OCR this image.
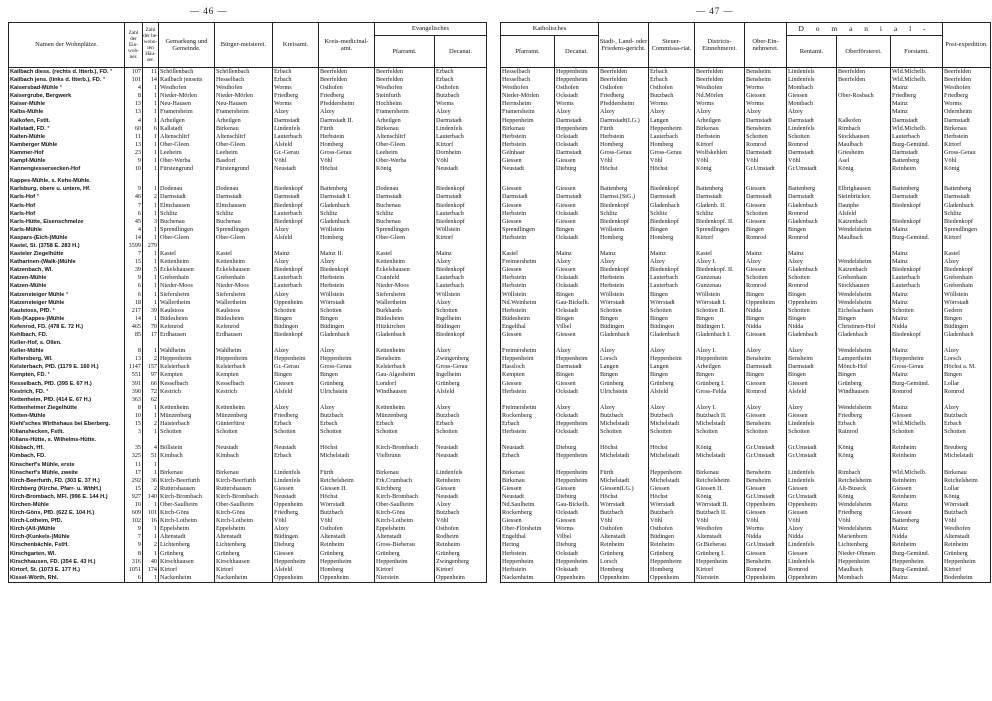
— 46 —
Namen der Wohnplätze.	Zahl der Ein-woh-ner.	Zahl der be-wohn-ten Häu-ser.	Gemarkung und Gemeinde.	Bürger-meisterei.	Kreisamt.	Kreis-medicinal-amt.	Evangelisches	
							Pfarramt.	Decanat.
Kailbach diess. (rechts d. Itterb.), FD. *	107	11	Schöllenbach	Schöllenbach	Erbach	Beerfelden	Beerfelden	Erbach
Kailbach jens. (links d. Itterb.), FD. *	101	14	Kailbach jenseits	Hesselbach	Erbach	Beerfelden	Beerfelden	Erbach
Kaisersbad-Mühle *	4	1	Westhofen	Westhofen	Worms	Osthofen	Westhofen	Osthofen
Kaisergrube, Bergwerk	8	1	Nieder-Mörlen	Nieder-Mörlen	Friedberg	Friedberg	Steinfurth	Butzbach
Kaiser-Mühle	13	1	Neu-Hausen	Neu-Hausen	Worms	Pfeddersheim	Hochheim	Worms
Kalbs-Mühle	13	1	Framersheim	Framersheim	Alzey	Alzey	Framersheim	Alzey
Kalkofen, Fstlt.	4	1	Arheilgen	Arheilgen	Darmstadt	Darmstadt II.	Arheilgen	Darmstadt
Kallstadt, FD. *	60	6	Kallstadt	Birkenau	Lindenfels	Fürth	Birkenau	Lindenfels
Kalten-Mühle	11	1	Altenschlirf	Altenschlirf	Lauterbach	Herbstein	Altenschlirf	Lauterbach
Kamberger Mühle	13	1	Ober-Gleen	Ober-Gleen	Alsfeld	Homberg	Ober-Gleen	Kirtorf
Kammer-Hof	23	1	Leeheim	Leeheim	Gr.-Gerau	Gross-Gerau	Leeheim	Dornheim
Kampf-Mühle	9	1	Ober-Werba	Basdorf	Vöhl	Vöhl	Ober-Werba	Vöhl
Kannengiessersecken-Hof	10	1	Fürstengrund	Fürstengrund	Neustadt	Höchst	König	Neustadt

Kappes-Mühle, s. Kehs-Mühle.								
Karlsburg, obere u. untere, Hf.	9	1	Dodenau	Dodenau	Biedenkopf	Battenberg	Dodenau	Biedenkopf
Karls-Hof *	46	2	Darmstadt	Darmstadt	Darmstadt	Darmstadt I.	Darmstadt	Darmstadt
Karls-Hof	7	1	Elmshausen	Elmshausen	Biedenkopf	Gladenbach	Buchenau	Biedenkopf
Karls-Hof	6	1	Schlitz	Schlitz	Lauterbach	Schlitz	Schlitz	Lauterbach
Karls-Hütte, Eisenschmelze	45	3	Buchenau	Buchenau	Biedenkopf	Gladenbach	Buchenau	Biedenkopf
Karls-Mühle	4	1	Sprendlingen	Sprendlingen	Alzey	Wöllstein	Sprendlingen	Wöllstein
Kaspars-(Eich-)Mühle	14	1	Ober-Gleen	Ober-Gleen	Alsfeld	Homberg	Ober-Gleen	Kirtorf
Kastel, St. (3758 E. 283 H.)	3599	279						
Kasteler Ziegelhütte	7	1	Kastel	Kastel	Mainz	Mainz II.	Kastel	Mainz
Katharinen-(Walk-)Mühle	15	1	Kettenheim	Kettenheim	Alzey	Alzey	Kettenheim	Alzey
Katzenbach, Wl.	39	5	Eckelshausen	Eckelshausen	Biedenkopf	Biedenkopf	Eckelshausen	Biedenkopf
Katzen-Mühle	9	1	Grebenhain	Grebenhain	Lauterbach	Herbstein	Crainfeld	Lauterbach
Katzen-Mühle	6	1	Nieder-Moos	Nieder-Moos	Lauterbach	Herbstein	Nieder-Moos	Lauterbach
Katzensteiger Mühle *	6	1	Siefersheim	Siefersheim	Alzey	Wöllstein	Siefersheim	Wöllstein
Katzensteiger Mühle	18	1	Wallertheim	Wallertheim	Oppenheim	Wörrstadt	Wallertheim	Alzey
Kaulstoss, PfD. *	217	39	Kaulstoss	Kaulstoss	Schotten	Schotten	Burkhards	Schotten
Keb-(Kappes-)Mühle	14	1	Büdesheim	Büdesheim	Bingen	Bingen	Büdesheim	Ingelheim
Kefenrod, FD. (478 E. 72 H.)	465	70	Kefenrod	Kefenrod	Büdingen	Büdingen	Hitzkirchen	Büdingen
Kehlbach, FD.	85	17	Erdhausen	Erdhausen	Biedenkopf	Gladenbach	Gladenbach	Biedenkopf
Keller-Hof, s. Ollen.								
Keller-Mühle	8	1	Wahlheim	Wahlheim	Alzey	Alzey	Kettenheim	Alzey
Keltersberg, Wl.	13	2	Heppenheim	Heppenheim	Heppenheim	Heppenheim	Bensheim	Zwingenberg
Kelsterbach, PfD. (1179 E. 160 H.)	1147	157	Kelsterbach	Kelsterbach	Gr.-Gerau	Gross-Gerau	Kelsterbach	Gross-Gerau
Kempten, FD. *	551	97	Kempten	Kempten	Bingen	Bingen	Gau-Algesheim	Ingelheim
Kesselbach, PfD. (395 E. 67 H.)	391	66	Kesselbach	Kesselbach	Giessen	Grünberg	Londorf	Grünberg
Kestrich, FD. *	390	72	Kestrich	Kestrich	Alsfeld	Ulrichstein	Windhausen	Alsfeld
Kettenheim, PfD. (414 E. 67 H.)	363	62						
Kettenheimer Ziegelhütte	8	1	Kettenheim	Kettenheim	Alzey	Alzey	Kettenheim	Alzey
Ketten-Mühle	10	1	Münzenberg	Münzenberg	Friedberg	Butzbach	Münzenberg	Butzbach
Kiehl'sches Wirthshaus bei Eberberg.	15	2	Haisterbach	Günterfürst	Erbach	Erbach	Erbach	Erbach
Kilianshecken, Fstlt.	3	1	Schotten	Schotten	Schotten	Schotten	Schotten	Schotten
Kilians-Hütte, s. Wilhelms-Hütte.								
Kilsbach, Hf.	35	4	Böllstein	Neustadt	Neustadt	Höchst	Kirch-Brombach	Neustadt
Kimbach, FD.	325	51	Kimbach	Kimbach	Erbach	Michelstadt	Vielbrunn	Neustadt
Kinscherf's Mühle, erste	11	1						
Kinscherf's Mühle, zweite	17	1	Birkenau	Birkenau	Lindenfels	Fürth	Birkenau	Lindenfels
Kirch-Beerfurth, FD. (303 E. 37 H.)	292	36	Kirch-Beerfurth	Kirch-Beerfurth	Lindenfels	Reichelsheim	Frk.Crumbach	Reinheim
Kirchberg (Kirche, Pfarr- u. WthH.)	15	2	Ruttershausen	Ruttershausen	Giessen	Giessen II.	Kirchberg	Giessen
Kirch-Brombach, MFl. (996 E. 144 H.)	927	140	Kirch-Brombach	Kirch-Brombach	Neustadt	Höchst	Kirch-Brombach	Neustadt
Kirchen-Mühle	10	1	Ober-Saulheim	Ober-Saulheim	Oppenheim	Wörrstadt	Ober-Saulheim	Alzey
Kirch-Göns, PfD. (622 E. 104 H.)	609	101	Kirch-Göns	Kirch-Göns	Friedberg	Butzbach	Kirch-Göns	Butzbach
Kirch-Lotheim, PfD.	102	16	Kirch-Lotheim	Kirch-Lotheim	Vöhl	Vöhl	Kirch-Lotheim	Vöhl
Kirch-(Alt-)Mühle	9	1	Eppelsheim	Eppelsheim	Alzey	Osthofen	Eppelsheim	Osthofen
Kirch-(Kunkels-)Mühle	7	1	Altenstadt	Altenstadt	Büdingen	Altenstadt	Altenstadt	Rodheim
Kirschenbächle, FstH.	9	2	Lichtenberg	Lichtenberg	Dieburg	Reinheim	Gross-Bieberau	Reinheim
Kirschgarten, Wl.	8	1	Grünberg	Grünberg	Giessen	Grünberg	Grünberg	Grünberg
Kirschhausen, FD. (354 E. 43 H.)	316	40	Kirschhausen	Kirschhausen	Heppenheim	Heppenheim	Heppenheim	Zwingenberg
Kirtorf, St. (1073 E. 177 H.)	1051	174	Kirtorf	Kirtorf	Alsfeld	Homberg	Kirtorf	Kirtorf
Kissel-Wörth, Rhl.	6	1	Nackenheim	Nackenheim	Oppenheim	Oppenheim	Nierstein	Oppenheim
— 47 —
Katholisches		Stadt-, Land- oder Friedens-gericht.	Steuer-Commissa-riat.	Districts-Einnehmerei.	Ober-Ein-nehmerei.	D o m a n i a l -			Post-expedition.
Pfarramt.	Decanat.					Rentamt.	Oberförsterei.	Forstamt.	
Hesselbach	Heppenheim	Beerfelden	Erbach	Beerfelden	Bensheim	Lindenfels	Beerfelden	Wld.Michelb.	Beerfelden
Hesselbach	Heppenheim	Beerfelden	Erbach	Beerfelden	Bensheim	Lindenfels	Beerfelden	Wld.Michelb.	Beerfelden
Westhofen	Osthofen	Osthofen	Osthofen	Westhofen	Worms	Mombach		Mainz	Westhofen
Nieder-Mörlen	Ockstadt	Friedberg	Butzbach	Nd.Mörlen	Giessen	Giessen	Ober-Rosbach	Friedberg	Friedberg
Herrnsheim	Worms	Pfeddersheim	Worms	Worms	Worms	Mombach		Mainz	Worms
Framersheim	Alzey	Alzey	Alzey	Alzey	Alzey	Alzey		Mainz	Odernheim
Heppenheim	Darmstadt	Darmstadt(LG.)	Langen	Arheilgen	Darmstadt	Darmstadt	Kalkofen	Darmstadt	Darmstadt
Birkenau	Heppenheim	Fürth	Heppenheim	Birkenau	Bensheim	Lindenfels	Rimbach	Wld.Michelb.	Birkenau
Herbstein	Ockstadt	Herbstein	Lauterbach	Herbstein	Schotten	Schotten	Stockhausen	Lauterbach	Herbstein
Herbstein	Ockstadt	Homberg	Homberg	Kirtorf	Romrod	Romrod	Maulbach	Burg-Gemünd.	Kirtorf
Gelnhaar	Darmstadt	Gross-Gerau	Gross-Gerau	Wolfskehlen	Darmstadt	Darmstadt	Griesheim	Darmstadt	Gross-Gerau
Giessen	Giessen	Vöhl	Vöhl	Vöhl	Vöhl	Vöhl	Asel	Battenberg	Vöhl
Neustadt	Dieburg	Höchst	Höchst	König	Gr.Umstadt	Gr.Umstadt	König	Reinheim	König

Giessen	Giessen	Battenberg	Biedenkopf	Battenberg	Giessen	Battenberg	Elbrighausen	Battenberg	Battenberg
Darmstadt	Darmstadt	Darmst.(StG.)	Darmstadt	Darmstadt	Darmstadt	Darmstadt	Steinbrücker.	Darmstadt	Darmstadt
Giessen	Giessen	Biedenkopf	Gladenbach	Gladenb. II.	Giessen	Gladenbach	Dautphe	Biedenkopf	Gladenbach
Herbstein	Ockstadt	Schlitz	Schlitz	Schlitz	Schotten	Romrod	Alsfeld		Schlitz
Giessen	Giessen	Biedenkopf	Biedenkopf	Biedenkopf. II.	Giessen	Gladenbach	Katzenbach	Biedenkopf	Biedenkopf
Sprendlingen	Bingen	Wöllstein	Bingen	Sprendlingen	Bingen	Bingen	Wendelsheim	Mainz	Sprendlingen
Herbstein	Ockstadt	Homberg	Homberg	Kirtorf	Romrod	Romrod	Maulbach	Burg-Gemünd.	Kirtorf

Kastel	Mainz	Mainz	Mainz	Kastel	Mainz	Mainz		Mainz	Kastel
Freimersheim	Alzey	Alzey	Alzey	Alzey I.	Alzey	Alzey	Wendelsheim	Mainz	Alzey
Giessen	Giessen	Biedenkopf	Biedenkopf	Biedenkopf. II.	Giessen	Gladenbach	Katzenbach	Biedenkopf	Biedenkopf
Herbstein	Ockstadt	Herbstein	Lauterbach	Gunzenau	Schotten	Schotten	Grebenhain	Lauterbach	Grebenhain
Herbstein	Ockstadt	Herbstein	Lauterbach	Gunzenau	Romrod	Romrod	Stockhausen	Lauterbach	Grebenhain
Wöllstein	Bingen	Wöllstein	Bingen	Wöllstein	Bingen	Bingen	Wendelsheim	Mainz	Wöllstein
Nd.Weinheim	Gau-Bickelh.	Wörrstadt	Wörrstadt	Wörrstadt I.	Oppenheim	Oppenheim	Wendelsheim	Mainz	Wörrstadt
Herbstein	Ockstadt	Schotten	Schotten	Schotten II.	Nidda	Schotten	Eichelsachsen	Schotten	Gedern
Büdesheim	Bingen	Bingen	Bingen	Bingen	Bingen	Bingen	Bingen	Mainz	Bingen
Engelthal	Vilbel	Büdingen	Büdingen	Büdingen I.	Nidda	Nidda	Christinen-Hof	Nidda	Büdingen
Giessen	Giessen	Gladenbach	Gladenbach	Gladenbach I.	Giessen	Gladenbach	Gladenbach	Biedenkopf	Gladenbach

Freimersheim	Alzey	Alzey	Alzey	Alzey I.	Alzey	Alzey	Wendelsheim	Mainz	Alzey
Heppenheim	Heppenheim	Lorsch	Heppenheim	Heppenheim	Bensheim	Bensheim	Lampertheim	Heppenheim	Lorsch
Hassloch	Darmstadt	Langen	Langen	Arheilgen	Darmstadt	Darmstadt	Mönch-Hof	Gross-Gerau	Höchst a. M.
Kempten	Bingen	Bingen	Bingen	Bingen	Bingen	Bingen	Bingen	Mainz	Bingen
Giessen	Giessen	Grünberg	Grünberg	Grünberg I.	Giessen	Giessen	Grünberg	Burg-Gemünd.	Lollar
Herbstein	Ockstadt	Ulrichstein	Alsfeld	Gross-Felda	Romrod	Alsfeld	Windhausen	Romrod	Romrod

Freimersheim	Alzey	Alzey	Alzey	Alzey I.	Alzey	Alzey	Wendelsheim	Mainz	Alzey
Rockenberg	Ockstadt	Butzbach	Butzbach	Butzbach II.	Giessen	Giessen	Friedberg	Giessen	Butzbach
Erbach	Heppenheim	Michelstadt	Michelstadt	Michelstadt	Bensheim	Lindenfels	Erbach	Wld.Michelb.	Erbach
Herbstein	Ockstadt	Schotten	Schotten	Schotten	Schotten	Schotten	Rainrod	Schotten	Schotten

Neustadt	Dieburg	Höchst	Höchst	König	Gr.Umstadt	Gr.Umstadt	König	Reinheim	Breuberg
Erbach	Heppenheim	Michelstadt	Michelstadt	Michelstadt	Gr.Umstadt	Gr.Umstadt	König	Reinheim	Michelstadt

Birkenau	Heppenheim	Fürth	Heppenheim	Birkenau	Bensheim	Lindenfels	Rimbach	Wld.Michelb.	Birkenau
Birkenau	Heppenheim	Michelstadt	Michelstadt	Reichelsheim	Bensheim	Lindenfels	Reichelsheim	Reinheim	Reichelsheim
Giessen	Giessen	Giessen(LG.)	Giessen	Giessen II.	Giessen	Giessen	Alt-Buseck	Giessen	Lollar
Neustadt	Dieburg	Höchst	Höchst	König	Gr.Umstadt	Gr.Umstadt	König	Reinheim	König
Nd.Saulheim	Gau-Bickelh.	Wörrstadt	Wörrstadt	Wörrstadt II.	Oppenheim	Oppenheim	Wendelsheim	Mainz	Wörrstadt
Rockenberg	Ockstadt	Butzbach	Butzbach	Butzbach II.	Giessen	Giessen	Friedberg	Giessen	Butzbach
Giessen	Giessen	Vöhl	Vöhl	Vöhl	Vöhl	Vöhl	Vöhl	Battenberg	Vöhl
Ober-Flörsheim	Worms	Osthofen	Osthofen	Westhofen	Worms	Alzey	Wendelsheim	Mainz	Westhofen
Engelthal	Vilbel	Altenstadt	Büdingen	Altenstadt	Nidda	Nidda	Marienborn	Nidda	Altenstadt
Hering	Dieburg	Reinheim	Reinheim	Gr.Bieberau	Gr.Umstadt	Lindenfels	Lichtenberg	Reinheim	Reinheim
Herbstein	Ockstadt	Grünberg	Grünberg	Grünberg I.	Giessen	Giessen	Nieder-Ohmen	Burg-Gemünd.	Grünberg
Heppenheim	Heppenheim	Lorsch	Heppenheim	Heppenheim	Bensheim	Lindenfels	Heppenheim	Heppenheim	Heppenheim
Herbstein	Ockstadt	Homberg	Homberg	Kirtorf	Romrod	Romrod	Maulbach	Burg-Gemünd.	Kirtorf
Nackenheim	Oppenheim	Oppenheim	Oppenheim	Nierstein	Oppenheim	Oppenheim	Mombach	Mainz	Bodenheim
